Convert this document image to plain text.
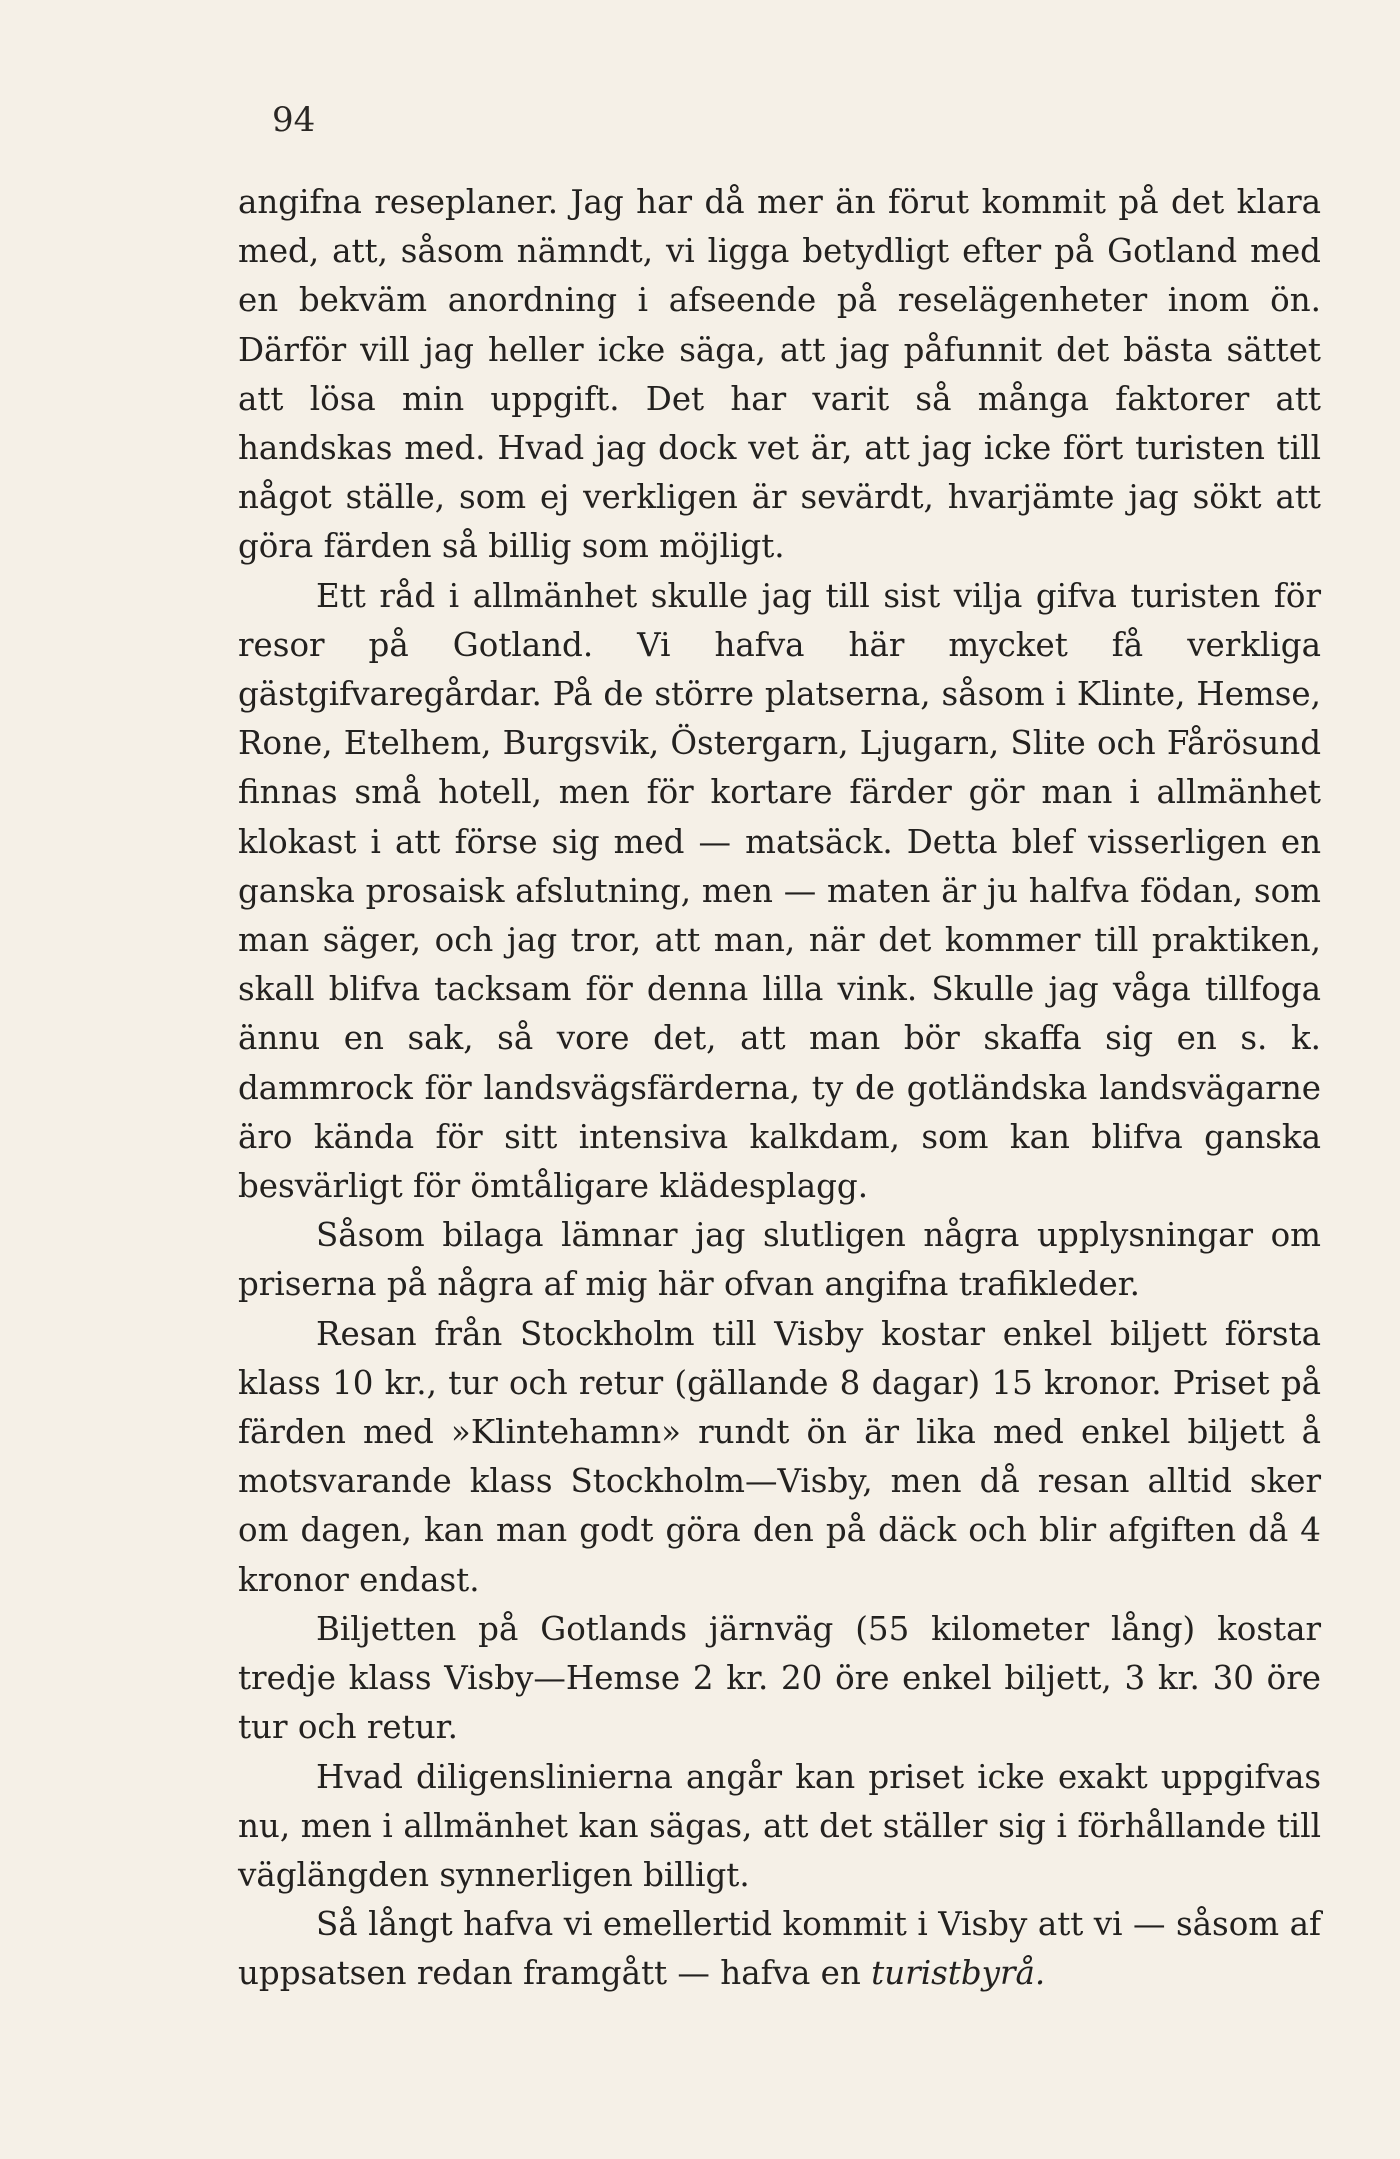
94

angifna reseplaner. Jag har då mer än förut kommit på det klara med, att, såsom nämndt, vi ligga betydligt efter på Gotland med en bekväm anordning i afseende på reselägenheter inom ön. Därför vill jag heller icke säga, att jag påfunnit det bästa sättet att lösa min uppgift. Det har varit så många faktorer att handskas med. Hvad jag dock vet är, att jag icke fört turisten till något ställe, som ej verkligen är sevärdt, hvarjämte jag sökt att göra färden så billig som möjligt.

Ett råd i allmänhet skulle jag till sist vilja gifva turisten för resor på Gotland. Vi hafva här mycket få verkliga gästgifvaregårdar. På de större platserna, såsom i Klinte, Hemse, Rone, Etelhem, Burgsvik, Östergarn, Ljugarn, Slite och Fårösund finnas små hotell, men för kortare färder gör man i allmänhet klokast i att förse sig med — matsäck. Detta blef visserligen en ganska prosaisk afslutning, men — maten är ju halfva födan, som man säger, och jag tror, att man, när det kommer till praktiken, skall blifva tacksam för denna lilla vink. Skulle jag våga tillfoga ännu en sak, så vore det, att man bör skaffa sig en s. k. dammrock för landsvägsfärderna, ty de gotländska landsvägarne äro kända för sitt intensiva kalkdam, som kan blifva ganska besvärligt för ömtåligare klädesplagg.

Såsom bilaga lämnar jag slutligen några upplysningar om priserna på några af mig här ofvan angifna trafikleder.

Resan från Stockholm till Visby kostar enkel biljett första klass 10 kr., tur och retur (gällande 8 dagar) 15 kronor. Priset på färden med »Klintehamn» rundt ön är lika med enkel biljett å motsvarande klass Stockholm—Visby, men då resan alltid sker om dagen, kan man godt göra den på däck och blir afgiften då 4 kronor endast.

Biljetten på Gotlands järnväg (55 kilometer lång) kostar tredje klass Visby—Hemse 2 kr. 20 öre enkel biljett, 3 kr. 30 öre tur och retur.

Hvad diligenslinierna angår kan priset icke exakt uppgifvas nu, men i allmänhet kan sägas, att det ställer sig i förhållande till väglängden synnerligen billigt.

Så långt hafva vi emellertid kommit i Visby att vi — såsom af uppsatsen redan framgått — hafva en turistbyrå.
